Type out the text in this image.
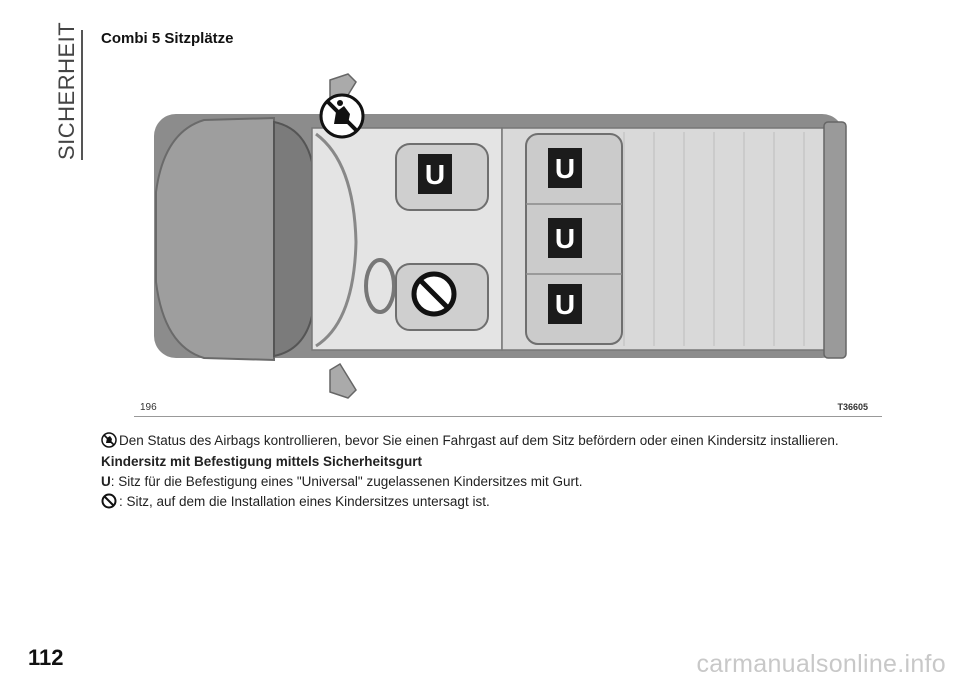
SICHERHEIT Combi 5 Sitzplätze
U	U
U
U
196	T36605
Den Status des Airbags kontrollieren, bevor Sie einen Fahrgast auf dem Sitz befördern oder einen Kindersitz installieren.
Kindersitz mit Befestigung mittels Sicherheitsgurt
U: Sitz für die Befestigung eines "Universal" zugelassenen Kindersitzes mit Gurt.
: Sitz, auf dem die Installation eines Kindersitzes untersagt ist.
112	carmanualsonline.info
